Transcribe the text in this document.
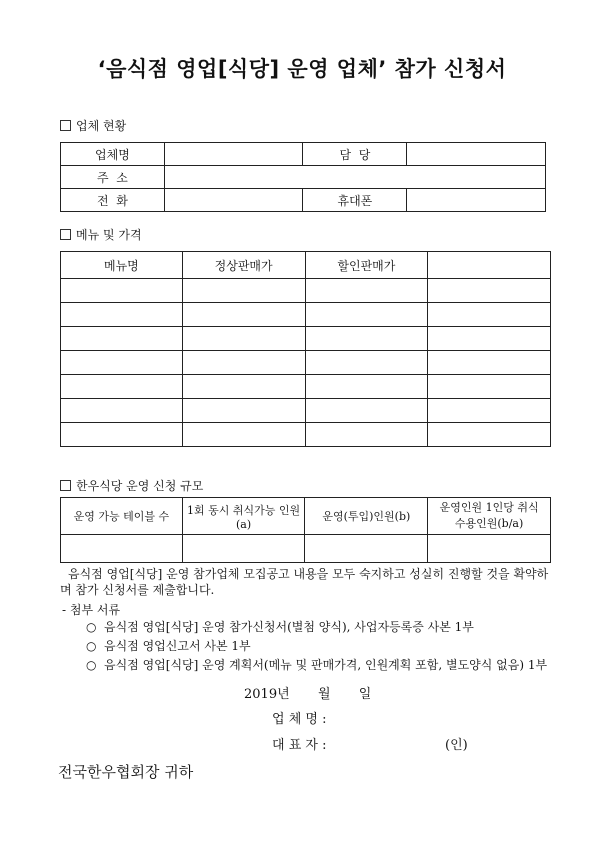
‘음식점 영업[식당] 운영 업체’ 참가 신청서
업체 현황
업체명		담  당	
주  소			
전  화		휴대폰	
메뉴 및 가격
메뉴명	정상판매가	할인판매가	

한우식당 운영 신청 규모
운영 가능 테이블 수	1회 동시 취식가능 인원(a)	운영(투입)인원(b)	운영인원 1인당 취식 수용인원(b/a)

음식점 영업[식당] 운영 참가업체 모집공고 내용을 모두 숙지하고 성실히 진행할 것을 확약하며 참가 신청서를 제출합니다.
- 첨부 서류
○ 음식점 영업[식당] 운영 참가신청서(별첨 양식), 사업자등록증 사본 1부
○ 음식점 영업신고서 사본 1부
○ 음식점 영업[식당] 운영 계획서(메뉴 및 판매가격, 인원계획 포함, 별도양식 없음) 1부
2019년 월 일
업 체 명 :
대 표 자 :	(인)
전국한우협회장 귀하
